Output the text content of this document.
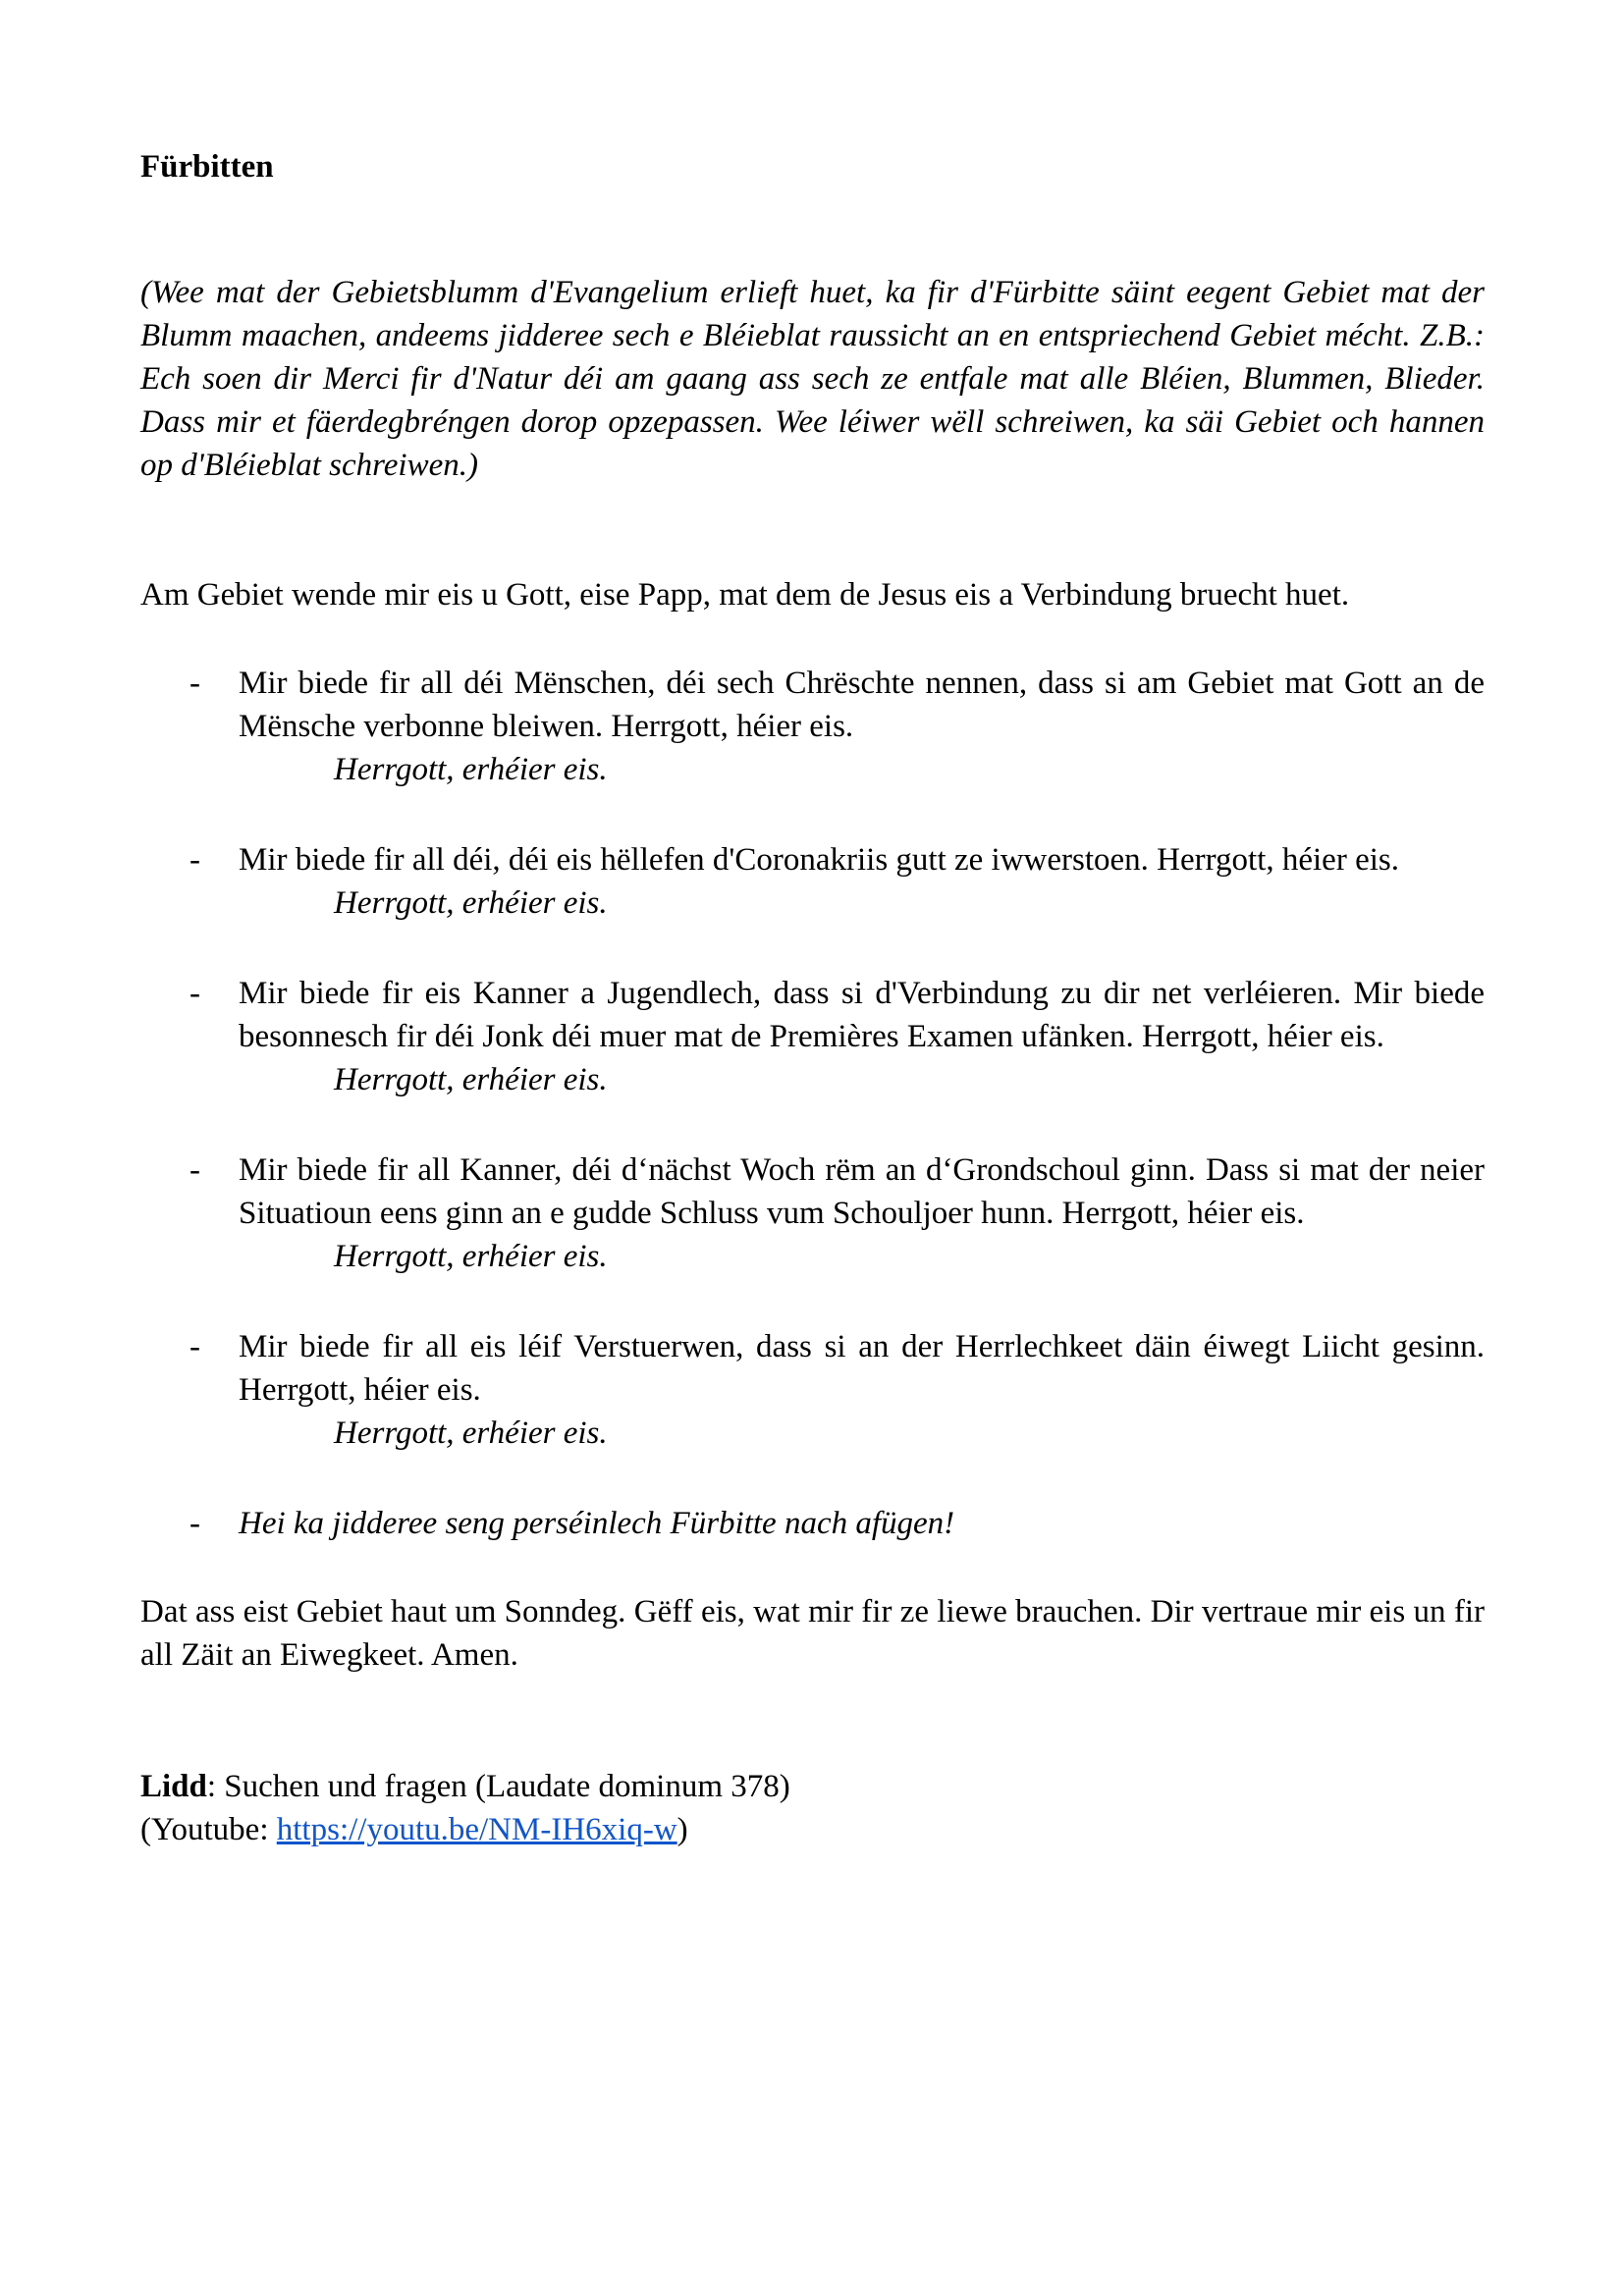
Fürbitten

(Wee mat der Gebietsblumm d'Evangelium erlieft huet, ka fir d'Fürbitte säint eegent Gebiet mat der Blumm maachen, andeems jidderee sech e Bléieblat raussicht an en entspriechend Gebiet mécht. Z.B.: Ech soen dir Merci fir d'Natur déi am gaang ass sech ze entfale mat alle Bléien, Blummen, Blieder. Dass mir et fäerdegbréngen dorop opzepassen. Wee léiwer wëll schreiwen, ka säi Gebiet och hannen op d'Bléieblat schreiwen.)

Am Gebiet wende mir eis u Gott, eise Papp, mat dem de Jesus eis a Verbindung bruecht huet.

- Mir biede fir all déi Mënschen, déi sech Chrëschte nennen, dass si am Gebiet mat Gott an de Mënsche verbonne bleiwen. Herrgott, héier eis.

Herrgott, erhéier eis.

- Mir biede fir all déi, déi eis hëllefen d'Coronakriis gutt ze iwwerstoen. Herrgott, héier eis.

Herrgott, erhéier eis.

- Mir biede fir eis Kanner a Jugendlech, dass si d'Verbindung zu dir net verléieren. Mir biede besonnesch fir déi Jonk déi muer mat de Premières Examen ufänken. Herrgott, héier eis.

Herrgott, erhéier eis.

- Mir biede fir all Kanner, déi d‘nächst Woch rëm an d‘Grondschoul ginn. Dass si mat der neier Situatioun eens ginn an e gudde Schluss vum Schouljoer hunn. Herrgott, héier eis.

Herrgott, erhéier eis.

- Mir biede fir all eis léif Verstuerwen, dass si an der Herrlechkeet däin éiwegt Liicht gesinn. Herrgott, héier eis.

Herrgott, erhéier eis.

- Hei ka jidderee seng perséinlech Fürbitte nach afügen!

Dat ass eist Gebiet haut um Sonndeg. Gëff eis, wat mir fir ze liewe brauchen. Dir vertraue mir eis un fir all Zäit an Eiwegkeet. Amen.

Lidd: Suchen und fragen (Laudate dominum 378)

(Youtube: https://youtu.be/NM-IH6xiq-w)
